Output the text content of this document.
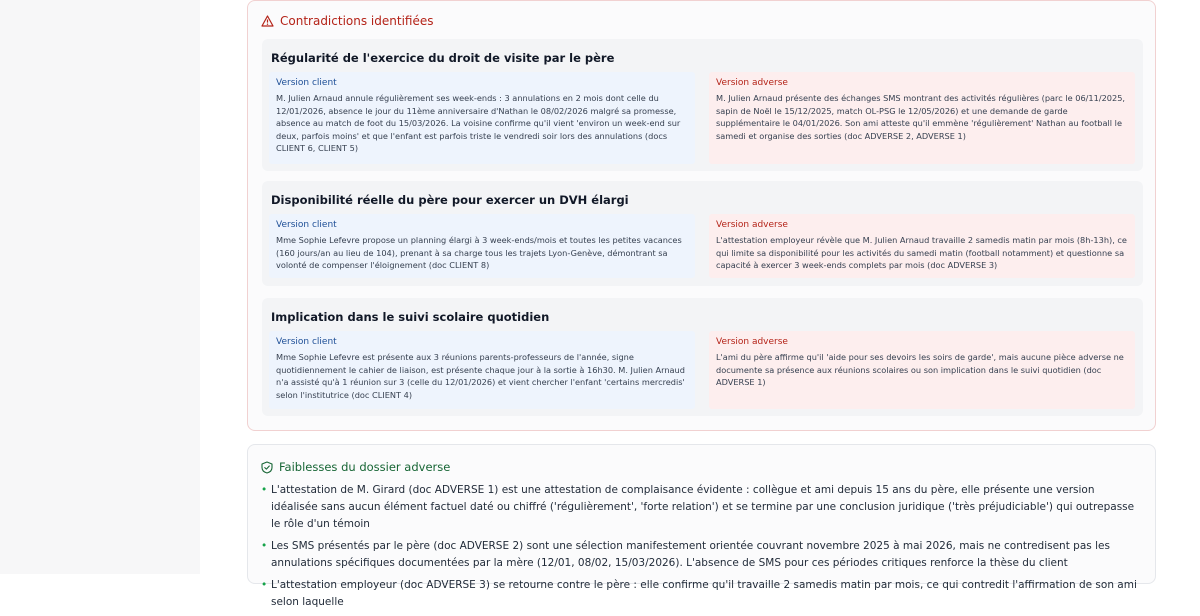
Contradictions identifiées
Régularité de l'exercice du droit de visite par le père
Version client
M. Julien Arnaud annule régulièrement ses week-ends : 3 annulations en 2 mois dont celle du 12/01/2026, absence le jour du 11ème anniversaire d'Nathan le 08/02/2026 malgré sa promesse, absence au match de foot du 15/03/2026. La voisine confirme qu'il vient 'environ un week-end sur deux, parfois moins' et que l'enfant est parfois triste le vendredi soir lors des annulations (docs CLIENT 6, CLIENT 5)
Version adverse
M. Julien Arnaud présente des échanges SMS montrant des activités régulières (parc le 06/11/2025, sapin de Noël le 15/12/2025, match OL-PSG le 12/05/2026) et une demande de garde supplémentaire le 04/01/2026. Son ami atteste qu'il emmène 'régulièrement' Nathan au football le samedi et organise des sorties (doc ADVERSE 2, ADVERSE 1)
Disponibilité réelle du père pour exercer un DVH élargi
Version client
Mme Sophie Lefevre propose un planning élargi à 3 week-ends/mois et toutes les petites vacances (160 jours/an au lieu de 104), prenant à sa charge tous les trajets Lyon-Genève, démontrant sa volonté de compenser l'éloignement (doc CLIENT 8)
Version adverse
L'attestation employeur révèle que M. Julien Arnaud travaille 2 samedis matin par mois (8h-13h), ce qui limite sa disponibilité pour les activités du samedi matin (football notamment) et questionne sa capacité à exercer 3 week-ends complets par mois (doc ADVERSE 3)
Implication dans le suivi scolaire quotidien
Version client
Mme Sophie Lefevre est présente aux 3 réunions parents-professeurs de l'année, signe quotidiennement le cahier de liaison, est présente chaque jour à la sortie à 16h30. M. Julien Arnaud n'a assisté qu'à 1 réunion sur 3 (celle du 12/01/2026) et vient chercher l'enfant 'certains mercredis' selon l'institutrice (doc CLIENT 4)
Version adverse
L'ami du père affirme qu'il 'aide pour ses devoirs les soirs de garde', mais aucune pièce adverse ne documente sa présence aux réunions scolaires ou son implication dans le suivi quotidien (doc ADVERSE 1)
Faiblesses du dossier adverse
• L'attestation de M. Girard (doc ADVERSE 1) est une attestation de complaisance évidente : collègue et ami depuis 15 ans du père, elle présente une version idéalisée sans aucun élément factuel daté ou chiffré ('régulièrement', 'forte relation') et se termine par une conclusion juridique ('très préjudiciable') qui outrepasse le rôle d'un témoin
• Les SMS présentés par le père (doc ADVERSE 2) sont une sélection manifestement orientée couvrant novembre 2025 à mai 2026, mais ne contredisent pas les annulations spécifiques documentées par la mère (12/01, 08/02, 15/03/2026). L'absence de SMS pour ces périodes critiques renforce la thèse du client
• L'attestation employeur (doc ADVERSE 3) se retourne contre le père : elle confirme qu'il travaille 2 samedis matin par mois, ce qui contredit l'affirmation de son ami selon laquelle
